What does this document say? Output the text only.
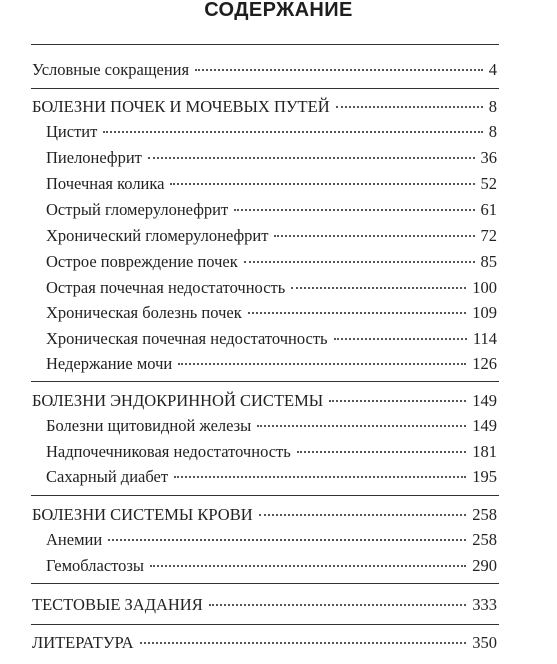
СОДЕРЖАНИЕ
Условные сокращения	4
БОЛЕЗНИ ПОЧЕК И МОЧЕВЫХ ПУТЕЙ	8
Цистит	8
Пиелонефрит	36
Почечная колика	52
Острый гломерулонефрит	61
Хронический гломерулонефрит	72
Острое повреждение почек	85
Острая почечная недостаточность	100
Хроническая болезнь почек	109
Хроническая почечная недостаточность	114
Недержание мочи	126
БОЛЕЗНИ ЭНДОКРИННОЙ СИСТЕМЫ	149
Болезни щитовидной железы	149
Надпочечниковая недостаточность	181
Сахарный диабет	195
БОЛЕЗНИ СИСТЕМЫ КРОВИ	258
Анемии	258
Гемобластозы	290
ТЕСТОВЫЕ ЗАДАНИЯ	333
ЛИТЕРАТУРА	350
